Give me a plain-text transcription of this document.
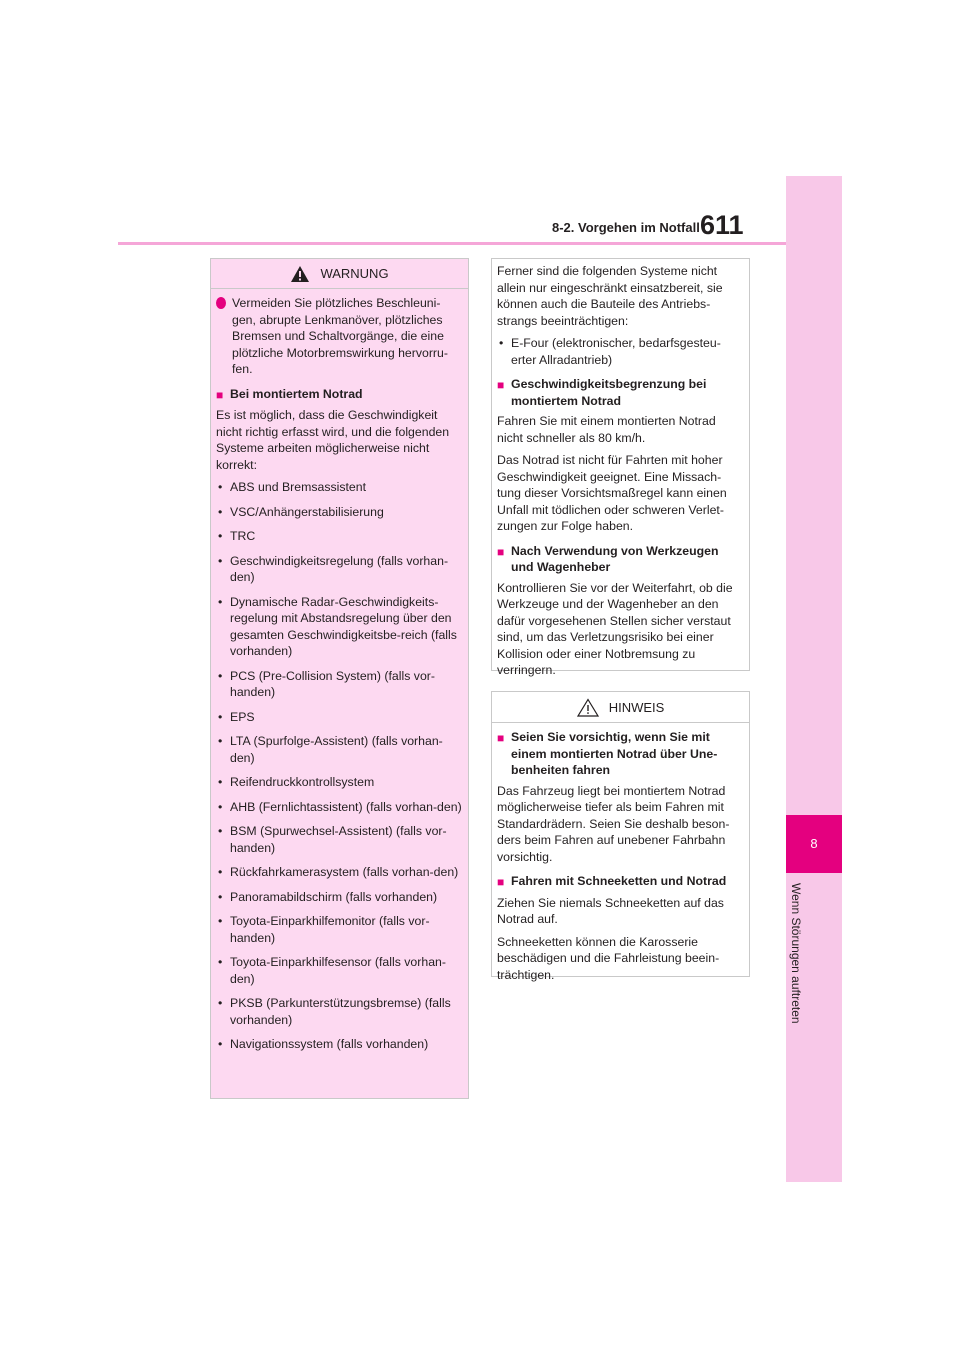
8-2. Vorgehen im Notfall 611
8
Wenn Störungen auftreten
WARNUNG
Vermeiden Sie plötzliches Beschleuni-gen, abrupte Lenkmanöver, plötzliches Bremsen und Schaltvorgänge, die eine plötzliche Motorbremswirkung hervorru-fen.
■ Bei montiertem Notrad
Es ist möglich, dass die Geschwindigkeit nicht richtig erfasst wird, und die folgenden Systeme arbeiten möglicherweise nicht korrekt:
• ABS und Bremsassistent
• VSC/Anhängerstabilisierung
• TRC
• Geschwindigkeitsregelung (falls vorhan-den)
• Dynamische Radar-Geschwindigkeits-regelung mit Abstandsregelung über den gesamten Geschwindigkeitsbe-reich (falls vorhanden)
• PCS (Pre-Collision System) (falls vor-handen)
• EPS
• LTA (Spurfolge-Assistent) (falls vorhan-den)
• Reifendruckkontrollsystem
• AHB (Fernlichtassistent) (falls vorhan-den)
• BSM (Spurwechsel-Assistent) (falls vor-handen)
• Rückfahrkamerasystem (falls vorhan-den)
• Panoramabildschirm (falls vorhanden)
• Toyota-Einparkhilfemonitor (falls vor-handen)
• Toyota-Einparkhilfesensor (falls vorhan-den)
• PKSB (Parkunterstützungsbremse) (falls vorhanden)
• Navigationssystem (falls vorhanden)
Ferner sind die folgenden Systeme nicht allein nur eingeschränkt einsatzbereit, sie können auch die Bauteile des Antriebs-strangs beeinträchtigen:
• E-Four (elektronischer, bedarfsgesteu-erter Allradantrieb)
■ Geschwindigkeitsbegrenzung bei montiertem Notrad
Fahren Sie mit einem montierten Notrad nicht schneller als 80 km/h.
Das Notrad ist nicht für Fahrten mit hoher Geschwindigkeit geeignet. Eine Missach-tung dieser Vorsichtsmaßregel kann einen Unfall mit tödlichen oder schweren Verlet-zungen zur Folge haben.
■ Nach Verwendung von Werkzeugen und Wagenheber
Kontrollieren Sie vor der Weiterfahrt, ob die Werkzeuge und der Wagenheber an den dafür vorgesehenen Stellen sicher verstaut sind, um das Verletzungsrisiko bei einer Kollision oder einer Notbremsung zu verringern.
HINWEIS
■ Seien Sie vorsichtig, wenn Sie mit einem montierten Notrad über Une-benheiten fahren
Das Fahrzeug liegt bei montiertem Notrad möglicherweise tiefer als beim Fahren mit Standardrädern. Seien Sie deshalb beson-ders beim Fahren auf unebener Fahrbahn vorsichtig.
■ Fahren mit Schneeketten und Notrad
Ziehen Sie niemals Schneeketten auf das Notrad auf.
Schneeketten können die Karosserie beschädigen und die Fahrleistung beein-trächtigen.
